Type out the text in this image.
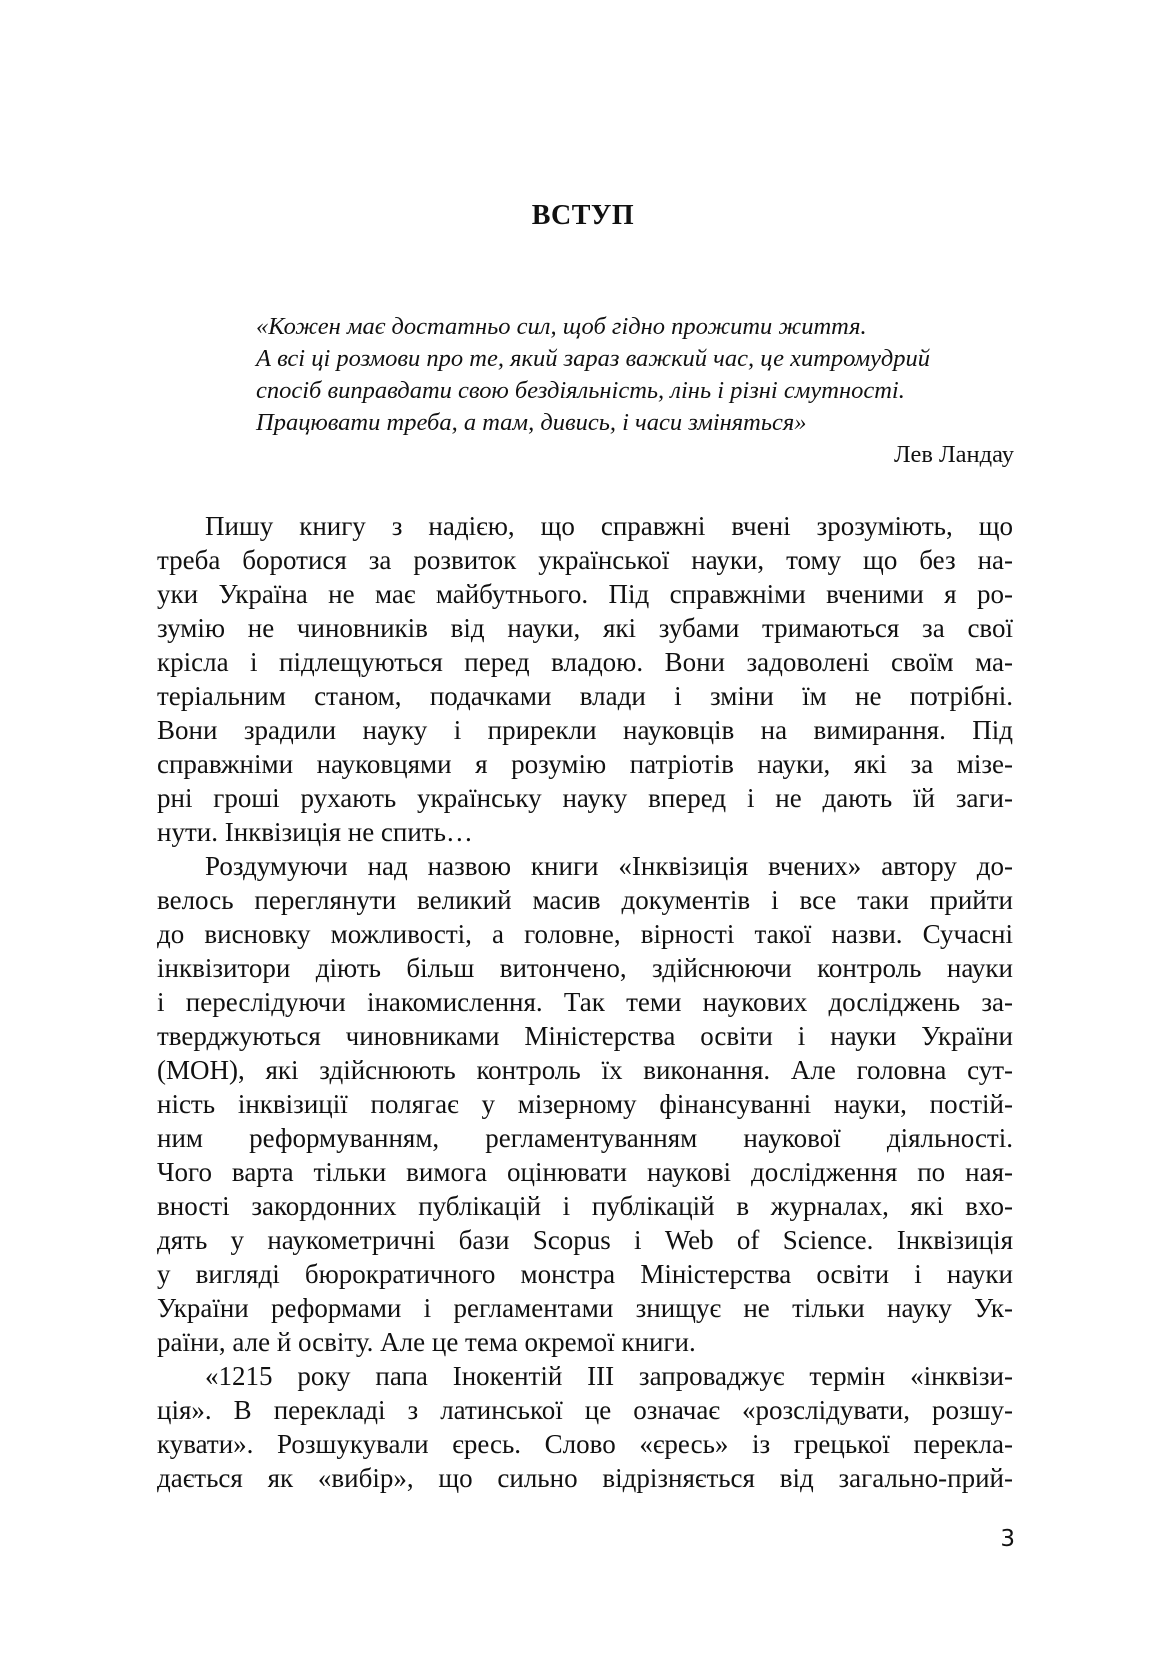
ВСТУП
«Кожен має достатньо сил, щоб гідно прожити життя.
А всі ці розмови про те, який зараз важкий час, це хитромудрий
спосіб виправдати свою бездіяльність, лінь і різні смутності.
Працювати треба, а там, дивись, і часи зміняться»
Лев Ландау
Пишу книгу з надією, що справжні вчені зрозуміють, що
треба боротися за розвиток української науки, тому що без на-
уки Україна не має майбутнього. Під справжніми вченими я ро-
зумію не чиновників від науки, які зубами тримаються за свої
крісла і підлещуються перед владою. Вони задоволені своїм ма-
теріальним станом, подачками влади і зміни їм не потрібні.
Вони зрадили науку і прирекли науковців на вимирання. Під
справжніми науковцями я розумію патріотів науки, які за мізе-
рні гроші рухають українську науку вперед і не дають їй заги-
нути. Інквізиція не спить…
Роздумуючи над назвою книги «Інквізиція вчених» автору до-
велось переглянути великий масив документів і все таки прийти
до висновку можливості, а головне, вірності такої назви. Сучасні
інквізитори діють більш витончено, здійснюючи контроль науки
і переслідуючи інакомислення. Так теми наукових досліджень за-
тверджуються чиновниками Міністерства освіти і науки України
(МОН), які здійснюють контроль їх виконання. Але головна сут-
ність інквізиції полягає у мізерному фінансуванні науки, постій-
ним реформуванням, регламентуванням наукової діяльності.
Чого варта тільки вимога оцінювати наукові дослідження по ная-
вності закордонних публікацій і публікацій в журналах, які вхо-
дять у наукометричні бази Scopus і Web of Science. Інквізиція
у вигляді бюрократичного монстра Міністерства освіти і науки
України реформами і регламентами знищує не тільки науку Ук-
раїни, але й освіту. Але це тема окремої книги.
«1215 року папа Інокентій III запроваджує термін «інквізи-
ція». В перекладі з латинської це означає «розслідувати, розшу-
кувати». Розшукували єресь. Слово «єресь» із грецької перекла-
дається як «вибір», що сильно відрізняється від загально-прий-
3
